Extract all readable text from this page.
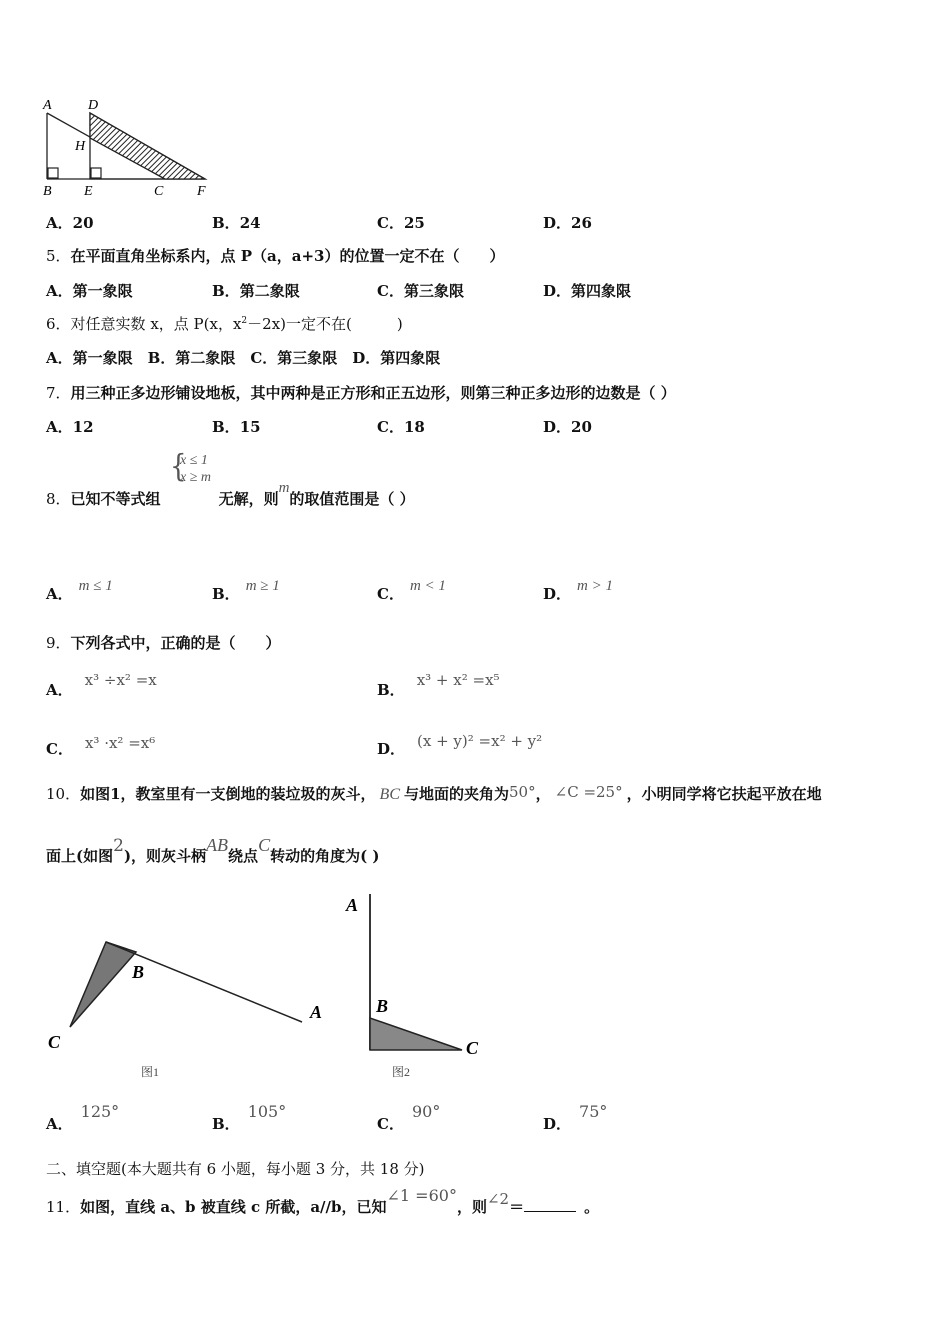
A	D
H
B E	C F
A．20	B．24	C．25	D．26
5．在平面直角坐标系内，点 P（a，a+3）的位置一定不在（　　）
A．第一象限	B．第二象限	C．第三象限	D．第四象限
6．对任意实数 x，点 P(x，$x^2-2x$)一定不在(　　　)
A．第一象限　B．第二象限　C．第三象限　D．第四象限
7．用三种正多边形铺设地板，其中两种是正方形和正五边形，则第三种正多边形的边数是（ ）
A．12	B．15	C．18	D．20
{
x ≤ 1
x ≥ m
8．已知不等式组	无解，则m的取值范围是（ ）
A． m ≤ 1	B． m ≥ 1	C． m < 1	D． m > 1
9．下列各式中，正确的是（　　）
A．x³ ÷x² =x
B．x³ + x² =x⁵
C． x³ ·x² =x⁶	D． (x + y)² =x² + y²
10．如图1，教室里有一支倒地的装垃圾的灰斗， BC 与地面的夹角为50°， ∠C =25° ，小明同学将它扶起平放在地
面上(如图2)，则灰斗柄AB绕点C转动的角度为( )
C
B
A
图1
A
B
C
图2
A．125°
B．105°
C．90°
D．75°
二、填空题(本大题共有 6 小题，每小题 3 分，共 18 分)
11．如图，直线 a、b 被直线 c 所截，a//b，已知∠1 =60°，则∠2＝	。
